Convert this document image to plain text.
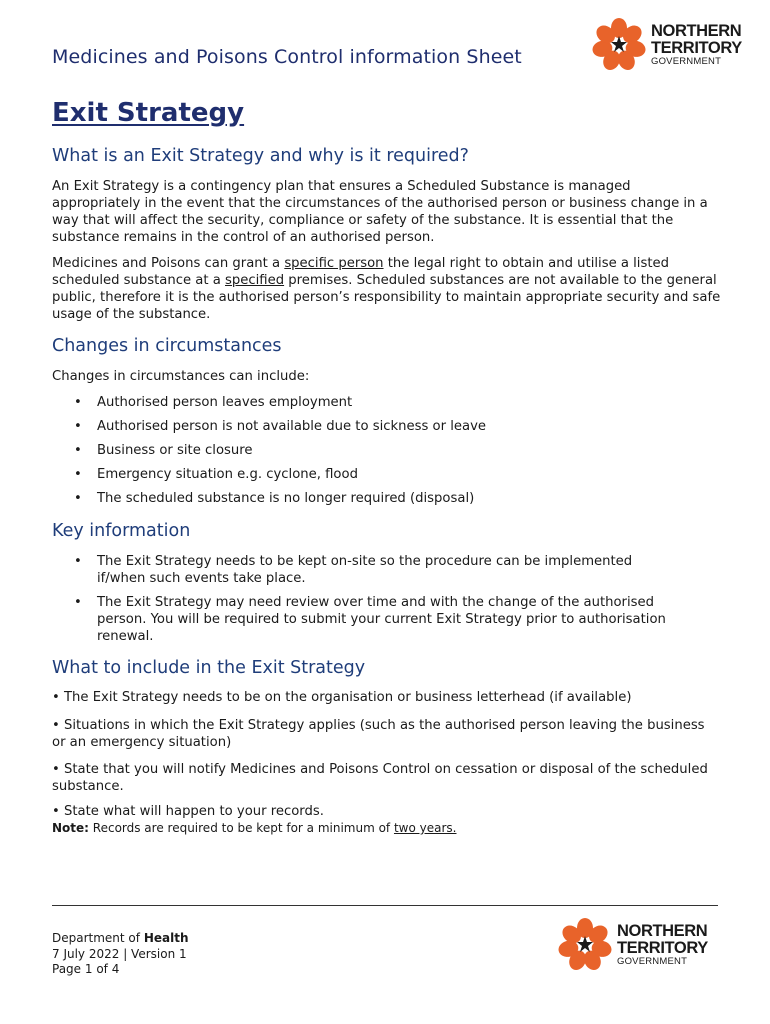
Medicines and Poisons Control information Sheet
NORTHERN
TERRITORY
GOVERNMENT
Exit Strategy
What is an Exit Strategy and why is it required?

An Exit Strategy is a contingency plan that ensures a Scheduled Substance is managed appropriately in the event that the circumstances of the authorised person or business change in a way that will affect the security, compliance or safety of the substance. It is essential that the substance remains in the control of an authorised person.

Medicines and Poisons can grant a specific person the legal right to obtain and utilise a listed scheduled substance at a specified premises. Scheduled substances are not available to the general public, therefore it is the authorised person’s responsibility to maintain appropriate security and safe usage of the substance.

Changes in circumstances

Changes in circumstances can include:

• Authorised person leaves employment
• Authorised person is not available due to sickness or leave
• Business or site closure
• Emergency situation e.g. cyclone, flood
• The scheduled substance is no longer required (disposal)
Key information
• The Exit Strategy needs to be kept on-site so the procedure can be implemented if/when such events take place.
• The Exit Strategy may need review over time and with the change of the authorised person. You will be required to submit your current Exit Strategy prior to authorisation renewal.
What to include in the Exit Strategy

• The Exit Strategy needs to be on the organisation or business letterhead (if available)

• Situations in which the Exit Strategy applies (such as the authorised person leaving the business or an emergency situation)

• State that you will notify Medicines and Poisons Control on cessation or disposal of the scheduled substance.

• State what will happen to your records.

Note: Records are required to be kept for a minimum of two years.

Department of Health
7 July 2022 | Version 1
Page 1 of 4
NORTHERN
TERRITORY
GOVERNMENT
